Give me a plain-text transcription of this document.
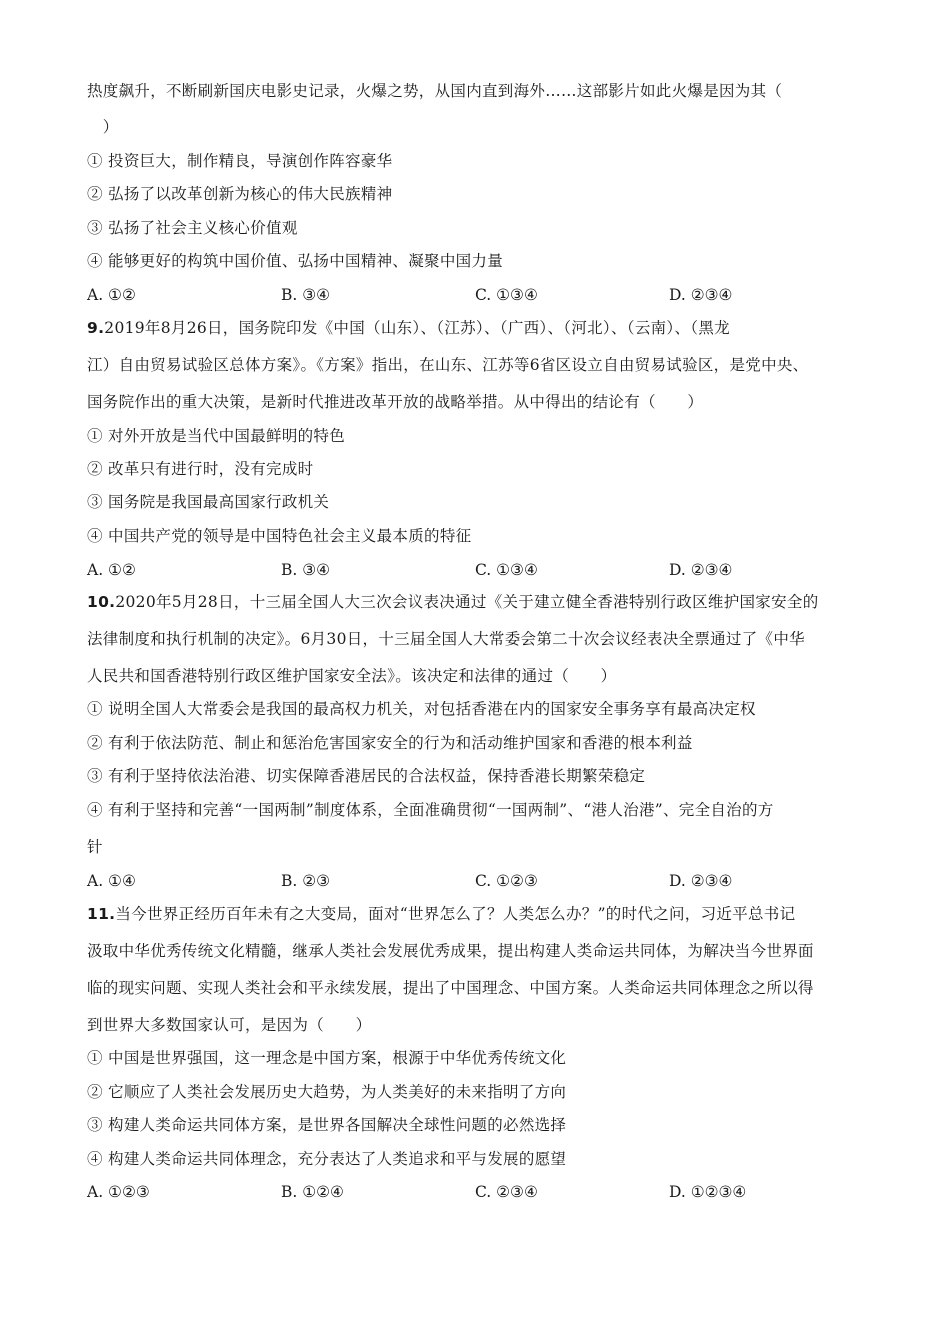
热度飙升，不断刷新国庆电影史记录，火爆之势，从国内直到海外……这部影片如此火爆是因为其（
　）
① 投资巨大，制作精良，导演创作阵容豪华
② 弘扬了以改革创新为核心的伟大民族精神
③ 弘扬了社会主义核心价值观
④ 能够更好的构筑中国价值、弘扬中国精神、凝聚中国力量
A. ①②	B. ③④	C. ①③④	D. ②③④
9.2019年8月26日，国务院印发《中国（山东）、（江苏）、（广西）、（河北）、（云南）、（黑龙
江）自由贸易试验区总体方案》。《方案》指出，在山东、江苏等6省区设立自由贸易试验区，是党中央、
国务院作出的重大决策，是新时代推进改革开放的战略举措。从中得出的结论有（　　）
① 对外开放是当代中国最鲜明的特色
② 改革只有进行时，没有完成时
③ 国务院是我国最高国家行政机关
④ 中国共产党的领导是中国特色社会主义最本质的特征
A. ①②	B. ③④	C. ①③④	D. ②③④
10.2020年5月28日，十三届全国人大三次会议表决通过《关于建立健全香港特别行政区维护国家安全的
法律制度和执行机制的决定》。6月30日，十三届全国人大常委会第二十次会议经表决全票通过了《中华
人民共和国香港特别行政区维护国家安全法》。该决定和法律的通过（　　）
① 说明全国人大常委会是我国的最高权力机关，对包括香港在内的国家安全事务享有最高决定权
② 有利于依法防范、制止和惩治危害国家安全的行为和活动维护国家和香港的根本利益
③ 有利于坚持依法治港、切实保障香港居民的合法权益，保持香港长期繁荣稳定
④ 有利于坚持和完善“一国两制”制度体系，全面准确贯彻“一国两制”、“港人治港”、完全自治的方
针
A. ①④	B. ②③	C. ①②③	D. ②③④
11.当今世界正经历百年未有之大变局，面对“世界怎么了？人类怎么办？”的时代之问，习近平总书记
汲取中华优秀传统文化精髓，继承人类社会发展优秀成果，提出构建人类命运共同体，为解决当今世界面
临的现实问题、实现人类社会和平永续发展，提出了中国理念、中国方案。人类命运共同体理念之所以得
到世界大多数国家认可，是因为（　　）
① 中国是世界强国，这一理念是中国方案，根源于中华优秀传统文化
② 它顺应了人类社会发展历史大趋势，为人类美好的未来指明了方向
③ 构建人类命运共同体方案，是世界各国解决全球性问题的必然选择
④ 构建人类命运共同体理念，充分表达了人类追求和平与发展的愿望
A. ①②③	B. ①②④	C. ②③④	D. ①②③④
